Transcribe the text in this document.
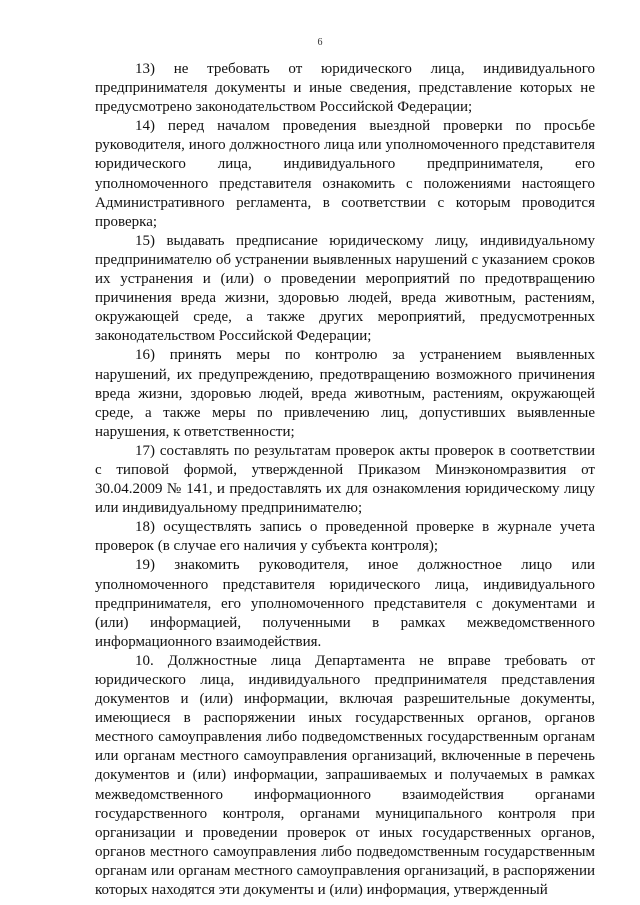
6

13) не требовать от юридического лица, индивидуального предпринимателя документы и иные сведения, представление которых не предусмотрено законодательством Российской Федерации;

14) перед началом проведения выездной проверки по просьбе руководителя, иного должностного лица или уполномоченного представителя юридического лица, индивидуального предпринимателя, его уполномоченного представителя ознакомить с положениями настоящего Административного регламента, в соответствии с которым проводится проверка;

15) выдавать предписание юридическому лицу, индивидуальному предпринимателю об устранении выявленных нарушений с указанием сроков их устранения и (или) о проведении мероприятий по предотвращению причинения вреда жизни, здоровью людей, вреда животным, растениям, окружающей среде, а также других мероприятий, предусмотренных законодательством Российской Федерации;

16) принять меры по контролю за устранением выявленных нарушений, их предупреждению, предотвращению возможного причинения вреда жизни, здоровью людей, вреда животным, растениям, окружающей среде, а также меры по привлечению лиц, допустивших выявленные нарушения, к ответственности;

17) составлять по результатам проверок акты проверок в соответствии с типовой формой, утвержденной Приказом Минэкономразвития от 30.04.2009 № 141, и предоставлять их для ознакомления юридическому лицу или индивидуальному предпринимателю;

18) осуществлять запись о проведенной проверке в журнале учета проверок (в случае его наличия у субъекта контроля);

19) знакомить руководителя, иное должностное лицо или уполномоченного представителя юридического лица, индивидуального предпринимателя, его уполномоченного представителя с документами и (или) информацией, полученными в рамках межведомственного информационного взаимодействия.

10. Должностные лица Департамента не вправе требовать от юридического лица, индивидуального предпринимателя представления документов и (или) информации, включая разрешительные документы, имеющиеся в распоряжении иных государственных органов, органов местного самоуправления либо подведомственных государственным органам или органам местного самоуправления организаций, включенные в перечень документов и (или) информации, запрашиваемых и получаемых в рамках межведомственного информационного взаимодействия органами государственного контроля, органами муниципального контроля при организации и проведении проверок от иных государственных органов, органов местного самоуправления либо подведомственным государственным органам или органам местного самоуправления организаций, в распоряжении которых находятся эти документы и (или) информация, утвержденный
